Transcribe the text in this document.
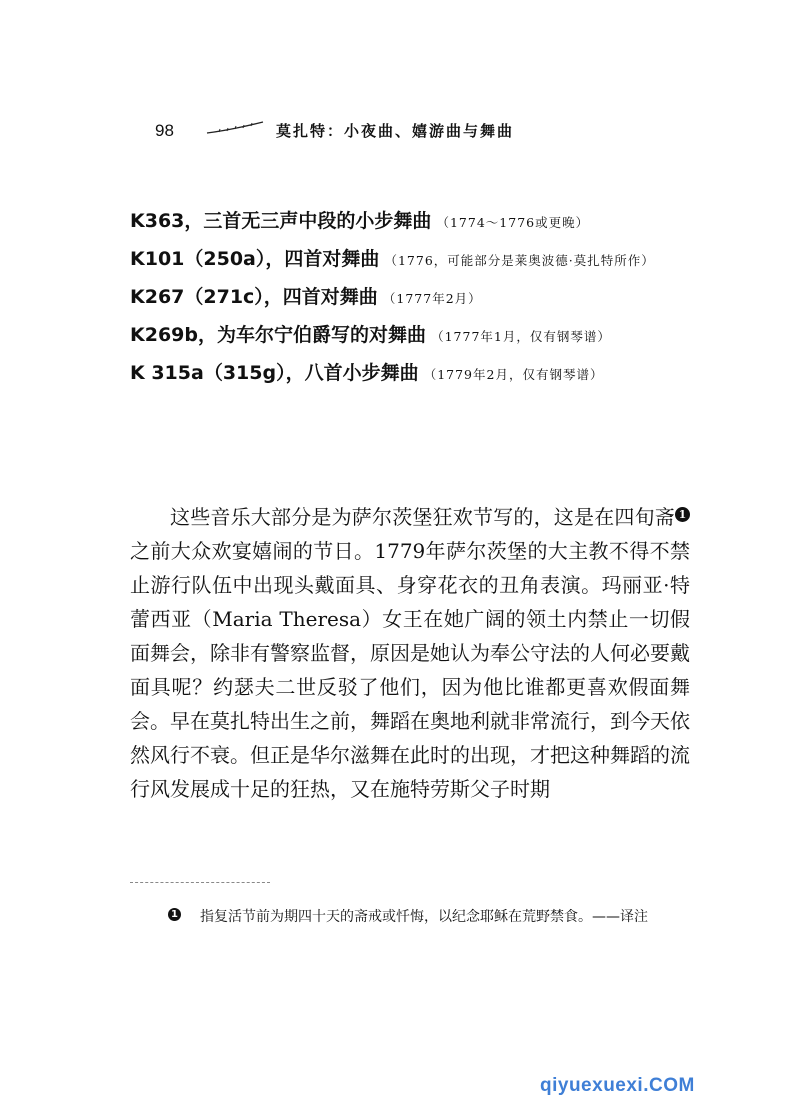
98	莫扎特：小夜曲、嬉游曲与舞曲
K363，三首无三声中段的小步舞曲 （1774～1776或更晚）
K101（250a），四首对舞曲 （1776，可能部分是莱奥波德·莫扎特所作）
K267（271c），四首对舞曲 （1777年2月）
K269b，为车尔宁伯爵写的对舞曲 （1777年1月，仅有钢琴谱）
K 315a（315g），八首小步舞曲 （1779年2月，仅有钢琴谱）

这些音乐大部分是为萨尔茨堡狂欢节写的，这是在四旬斋 1之前大众欢宴嬉闹的节日。1779年萨尔茨堡的大主教不得不禁止游行队伍中出现头戴面具、身穿花衣的丑角表演。玛丽亚·特蕾西亚（Maria Theresa）女王在她广阔的领土内禁止一切假面舞会，除非有警察监督，原因是她认为奉公守法的人何必要戴面具呢？约瑟夫二世反驳了他们，因为他比谁都更喜欢假面舞会。早在莫扎特出生之前，舞蹈在奥地利就非常流行，到今天依然风行不衰。但正是华尔滋舞在此时的出现，才把这种舞蹈的流行风发展成十足的狂热，又在施特劳斯父子时期

1 指复活节前为期四十天的斋戒或忏悔，以纪念耶稣在荒野禁食。——译注

qiyuexuexi.COM
